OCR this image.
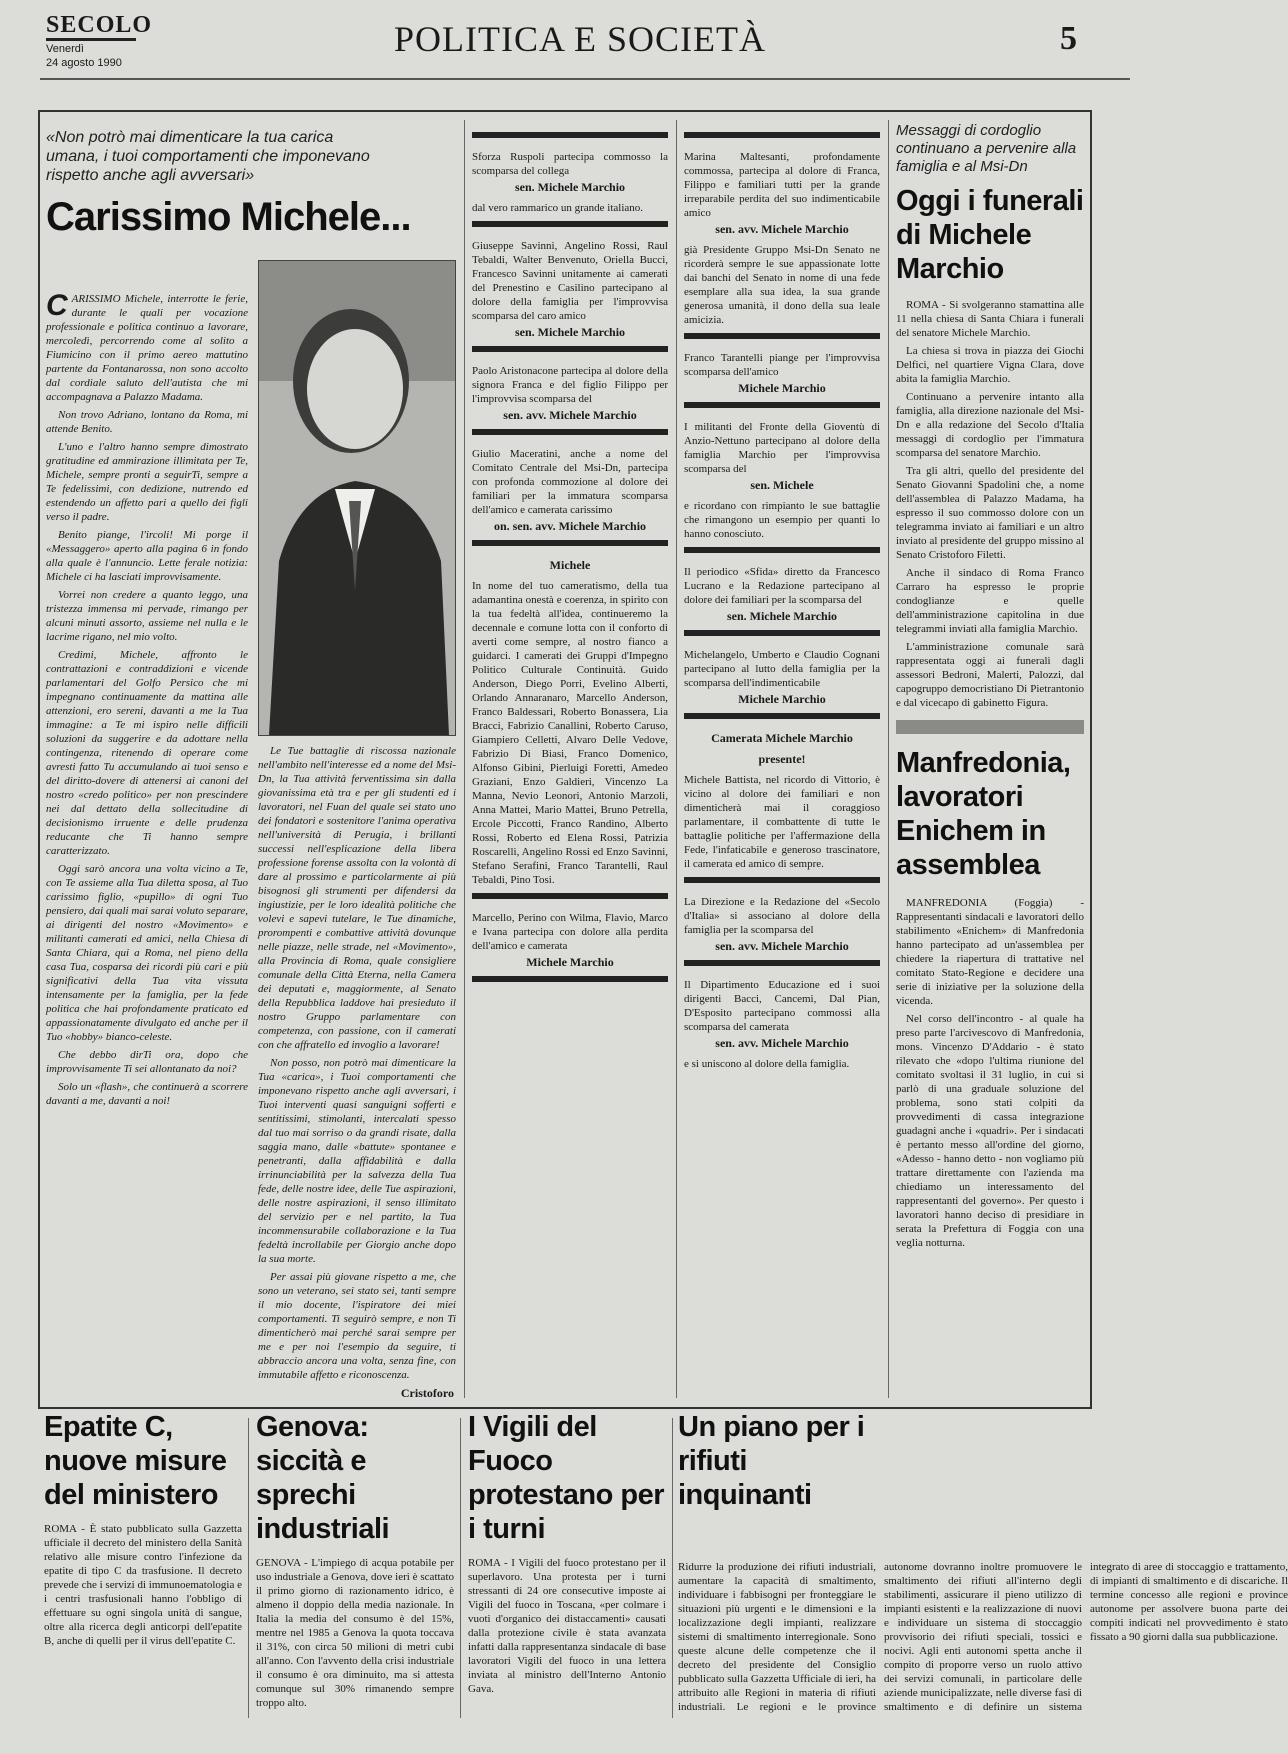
SECOLO
Venerdì
24 agosto 1990
POLITICA E SOCIETÀ	5
«Non potrò mai dimenticare la tua carica umana, i tuoi comportamenti che imponevano rispetto anche agli avversari»
Carissimo Michele...

CARISSIMO Michele, interrotte le ferie, durante le quali per vocazione professionale e politica continuo a lavorare, mercoledì, percorrendo come al solito a Fiumicino con il primo aereo mattutino partente da Fontanarossa, non sono accolto dal cordiale saluto dell'autista che mi accompagnava a Palazzo Madama.

Non trovo Adriano, lontano da Roma, mi attende Benito.

L'uno e l'altro hanno sempre dimostrato gratitudine ed ammirazione illimitata per Te, Michele, sempre pronti a seguirTi, sempre a Te fedelissimi, con dedizione, nutrendo ed estendendo un affetto pari a quello dei figli verso il padre.

Benito piange, l'ircoli! Mi porge il «Messaggero» aperto alla pagina 6 in fondo alla quale è l'annuncio. Lette ferale notizia: Michele ci ha lasciati improvvisamente.

Vorrei non credere a quanto leggo, una tristezza immensa mi pervade, rimango per alcuni minuti assorto, assieme nel nulla e le lacrime rigano, nel mio volto.

Credimi, Michele, affronto le contrattazioni e contraddizioni e vicende parlamentari del Golfo Persico che mi impegnano continuamente da mattina alle attenzioni, ero sereni, davanti a me la Tua immagine: a Te mi ispiro nelle difficili soluzioni da suggerire e da adottare nella contingenza, ritenendo di operare come avresti fatto Tu accumulando ai tuoi senso e del diritto-dovere di attenersi ai canoni del nostro «credo politico» per non prescindere nei dal dettato della sollecitudine di decisionismo irruente e delle prudenza reducante che Ti hanno sempre caratterizzato.

Oggi sarò ancora una volta vicino a Te, con Te assieme alla Tua diletta sposa, al Tuo carissimo figlio, «pupillo» di ogni Tuo pensiero, dai quali mai sarai voluto separare, ai dirigenti del nostro «Movimento» e militanti camerati ed amici, nella Chiesa di Santa Chiara, qui a Roma, nel pieno della casa Tua, cosparsa dei ricordi più cari e più significativi della Tua vita vissuta intensamente per la famiglia, per la fede politica che hai profondamente praticato ed appassionatamente divulgato ed anche per il Tuo «hobby» bianco-celeste.

Che debbo dirTi ora, dopo che improvvisamente Ti sei allontanato da noi?

Solo un «flash», che continuerà a scorrere davanti a me, davanti a noi!

Le Tue battaglie di riscossa nazionale nell'ambito nell'interesse ed a nome del Msi-Dn, la Tua attività ferventissima sin dalla giovanissima età tra e per gli studenti ed i lavoratori, nel Fuan del quale sei stato uno dei fondatori e sostenitore l'anima operativa nell'università di Perugia, i brillanti successi nell'esplicazione della libera professione forense assolta con la volontà di dare al prossimo e particolarmente ai più bisognosi gli strumenti per difendersi da ingiustizie, per le loro idealità politiche che volevi e sapevi tutelare, le Tue dinamiche, prorompenti e combattive attività dovunque nelle piazze, nelle strade, nel «Movimento», alla Provincia di Roma, quale consigliere comunale della Città Eterna, nella Camera dei deputati e, maggiormente, al Senato della Repubblica laddove hai presieduto il nostro Gruppo parlamentare con competenza, con passione, con il camerati con che affratello ed invoglio a lavorare!

Non posso, non potrò mai dimenticare la Tua «carica», i Tuoi comportamenti che imponevano rispetto anche agli avversari, i Tuoi interventi quasi sanguigni sofferti e sentitissimi, stimolanti, intercalati spesso dal tuo mai sorriso o da grandi risate, dalla saggia mano, dalle «battute» spontanee e penetranti, dalla affidabilità e dalla irrinunciabilità per la salvezza della Tua fede, delle nostre idee, delle Tue aspirazioni, delle nostre aspirazioni, il senso illimitato del servizio per e nel partito, la Tua incommensurabile collaborazione e la Tua fedeltà incrollabile per Giorgio anche dopo la sua morte.

Per assai più giovane rispetto a me, che sono un veterano, sei stato sei, tanti sempre il mio docente, l'ispiratore dei miei comportamenti. Ti seguirò sempre, e non Ti dimenticherò mai perché sarai sempre per me e per noi l'esempio da seguire, ti abbraccio ancora una volta, senza fine, con immutabile affetto e riconoscenza.

Cristoforo
Sforza Ruspoli partecipa commosso la scomparsa del collega
sen. Michele Marchio
dal vero rammarico un grande italiano.
Giuseppe Savinni, Angelino Rossi, Raul Tebaldi, Walter Benvenuto, Oriella Bucci, Francesco Savinni unitamente ai camerati del Prenestino e Casilino partecipano al dolore della famiglia per l'improvvisa scomparsa del caro amico
sen. Michele Marchio
Paolo Aristonacone partecipa al dolore della signora Franca e del figlio Filippo per l'improvvisa scomparsa del
sen. avv. Michele Marchio
Giulio Maceratini, anche a nome del Comitato Centrale del Msi-Dn, partecipa con profonda commozione al dolore dei familiari per la immatura scomparsa dell'amico e camerata carissimo
on. sen. avv. Michele Marchio
Michele
In nome del tuo cameratismo, della tua adamantina onestà e coerenza, in spirito con la tua fedeltà all'idea, continueremo la decennale e comune lotta con il conforto di averti come sempre, al nostro fianco a guidarci. I camerati dei Gruppi d'Impegno Politico Culturale Continuità. Guido Anderson, Diego Porri, Evelino Alberti, Orlando Annaranaro, Marcello Anderson, Franco Baldessari, Roberto Bonassera, Lia Bracci, Fabrizio Canallini, Roberto Caruso, Giampiero Celletti, Alvaro Delle Vedove, Fabrizio Di Biasi, Franco Domenico, Alfonso Gibini, Pierluigi Foretti, Amedeo Graziani, Enzo Galdieri, Vincenzo La Manna, Nevio Leonori, Antonio Marzoli, Anna Mattei, Mario Mattei, Bruno Petrella, Ercole Piccotti, Franco Randino, Alberto Rossi, Roberto ed Elena Rossi, Patrizia Roscarelli, Angelino Rossi ed Enzo Savinni, Stefano Serafini, Franco Tarantelli, Raul Tebaldi, Pino Tosi.
Marcello, Perino con Wilma, Flavio, Marco e Ivana partecipa con dolore alla perdita dell'amico e camerata
Michele Marchio
Marina Maltesanti, profondamente commossa, partecipa al dolore di Franca, Filippo e familiari tutti per la grande irreparabile perdita del suo indimenticabile amico
sen. avv. Michele Marchio
già Presidente Gruppo Msi-Dn Senato ne ricorderà sempre le sue appassionate lotte dai banchi del Senato in nome di una fede esemplare alla sua idea, la sua grande generosa umanità, il dono della sua leale amicizia.
Franco Tarantelli piange per l'improvvisa scomparsa dell'amico
Michele Marchio
I militanti del Fronte della Gioventù di Anzio-Nettuno partecipano al dolore della famiglia Marchio per l'improvvisa scomparsa del
sen. Michele
e ricordano con rimpianto le sue battaglie che rimangono un esempio per quanti lo hanno conosciuto.
Il periodico «Sfida» diretto da Francesco Lucrano e la Redazione partecipano al dolore dei familiari per la scomparsa del
sen. Michele Marchio
Michelangelo, Umberto e Claudio Cognani partecipano al lutto della famiglia per la scomparsa dell'indimenticabile
Michele Marchio
Camerata Michele Marchio
presente!
Michele Battista, nel ricordo di Vittorio, è vicino al dolore dei familiari e non dimenticherà mai il coraggioso parlamentare, il combattente di tutte le battaglie politiche per l'affermazione della Fede, l'infaticabile e generoso trascinatore, il camerata ed amico di sempre.
La Direzione e la Redazione del «Secolo d'Italia» si associano al dolore della famiglia per la scomparsa del
sen. avv. Michele Marchio
Il Dipartimento Educazione ed i suoi dirigenti Bacci, Cancemi, Dal Pian, D'Esposito partecipano commossi alla scomparsa del camerata
sen. avv. Michele Marchio
e si uniscono al dolore della famiglia.
Messaggi di cordoglio continuano a pervenire alla famiglia e al Msi-Dn
Oggi i funerali di Michele Marchio

ROMA - Si svolgeranno stamattina alle 11 nella chiesa di Santa Chiara i funerali del senatore Michele Marchio.

La chiesa si trova in piazza dei Giochi Delfici, nel quartiere Vigna Clara, dove abita la famiglia Marchio.

Continuano a pervenire intanto alla famiglia, alla direzione nazionale del Msi-Dn e alla redazione del Secolo d'Italia messaggi di cordoglio per l'immatura scomparsa del senatore Marchio.

Tra gli altri, quello del presidente del Senato Giovanni Spadolini che, a nome dell'assemblea di Palazzo Madama, ha espresso il suo commosso dolore con un telegramma inviato ai familiari e un altro inviato al presidente del gruppo missino al Senato Cristoforo Filetti.

Anche il sindaco di Roma Franco Carraro ha espresso le proprie condoglianze e quelle dell'amministrazione capitolina in due telegrammi inviati alla famiglia Marchio.

L'amministrazione comunale sarà rappresentata oggi ai funerali dagli assessori Bedroni, Malerti, Palozzi, dal capogruppo democristiano Di Pietrantonio e dal vicecapo di gabinetto Figura.

Manfredonia, lavoratori Enichem in assemblea

MANFREDONIA (Foggia) - Rappresentanti sindacali e lavoratori dello stabilimento «Enichem» di Manfredonia hanno partecipato ad un'assemblea per chiedere la riapertura di trattative nel comitato Stato-Regione e decidere una serie di iniziative per la soluzione della vicenda.

Nel corso dell'incontro - al quale ha preso parte l'arcivescovo di Manfredonia, mons. Vincenzo D'Addario - è stato rilevato che «dopo l'ultima riunione del comitato svoltasi il 31 luglio, in cui si parlò di una graduale soluzione del problema, sono stati colpiti da provvedimenti di cassa integrazione guadagni anche i «quadri». Per i sindacati è pertanto messo all'ordine del giorno, «Adesso - hanno detto - non vogliamo più trattare direttamente con l'azienda ma chiediamo un interessamento del rappresentanti del governo». Per questo i lavoratori hanno deciso di presidiare in serata la Prefettura di Foggia con una veglia notturna.

Epatite C, nuove misure del ministero

ROMA - È stato pubblicato sulla Gazzetta ufficiale il decreto del ministero della Sanità relativo alle misure contro l'infezione da epatite di tipo C da trasfusione. Il decreto prevede che i servizi di immunoematologia e i centri trasfusionali hanno l'obbligo di effettuare su ogni singola unità di sangue, oltre alla ricerca degli anticorpi dell'epatite B, anche di quelli per il virus dell'epatite C.

Genova: siccità e sprechi industriali

GENOVA - L'impiego di acqua potabile per uso industriale a Genova, dove ieri è scattato il primo giorno di razionamento idrico, è almeno il doppio della media nazionale. In Italia la media del consumo è del 15%, mentre nel 1985 a Genova la quota toccava il 31%, con circa 50 milioni di metri cubi all'anno. Con l'avvento della crisi industriale il consumo è ora diminuito, ma si attesta comunque sul 30% rimanendo sempre troppo alto.

I Vigili del Fuoco protestano per i turni

ROMA - I Vigili del fuoco protestano per il superlavoro. Una protesta per i turni stressanti di 24 ore consecutive imposte ai Vigili del fuoco in Toscana, «per colmare i vuoti d'organico dei distaccamenti» causati dalla protezione civile è stata avanzata infatti dalla rappresentanza sindacale di base lavoratori Vigili del fuoco in una lettera inviata al ministro dell'Interno Antonio Gava.

Un piano per i rifiuti inquinanti

Ridurre la produzione dei rifiuti industriali, aumentare la capacità di smaltimento, individuare i fabbisogni per fronteggiare le situazioni più urgenti e le dimensioni e la localizzazione degli impianti, realizzare sistemi di smaltimento interregionale. Sono queste alcune delle competenze che il decreto del presidente del Consiglio pubblicato sulla Gazzetta Ufficiale di ieri, ha attribuito alle Regioni in materia di rifiuti industriali. Le regioni e le province autonome dovranno inoltre promuovere le smaltimento dei rifiuti all'interno degli stabilimenti, assicurare il pieno utilizzo di impianti esistenti e la realizzazione di nuovi e individuare un sistema di stoccaggio provvisorio dei rifiuti speciali, tossici e nocivi. Agli enti autonomi spetta anche il compito di proporre verso un ruolo attivo dei servizi comunali, in particolare delle aziende municipalizzate, nelle diverse fasi di smaltimento e di definire un sistema integrato di aree di stoccaggio e trattamento, di impianti di smaltimento e di discariche. Il termine concesso alle regioni e province autonome per assolvere buona parte dei compiti indicati nel provvedimento è stato fissato a 90 giorni dalla sua pubblicazione.
